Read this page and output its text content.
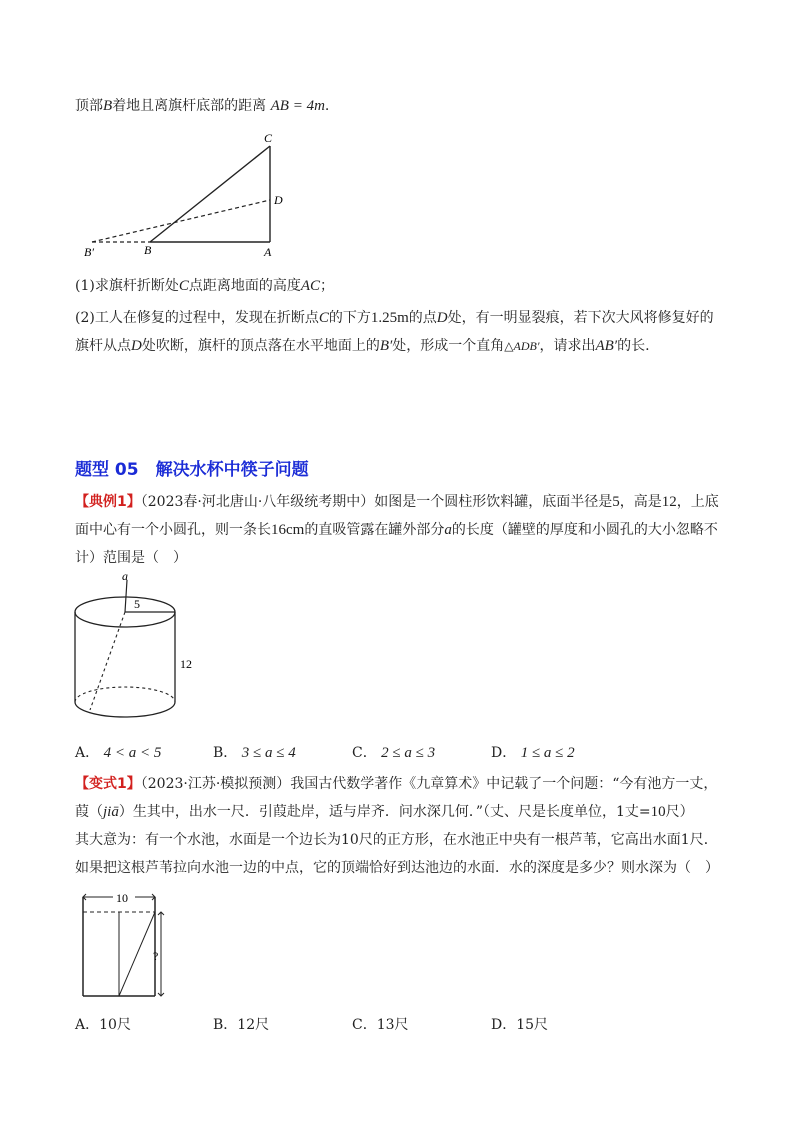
顶部B着地且离旗杆底部的距离 AB = 4m.
C
D
B′	B	A
(1)求旗杆折断处C点距离地面的高度AC；
(2)工人在修复的过程中，发现在折断点C的下方1.25m的点D处，有一明显裂痕，若下次大风将修复好的
旗杆从点D处吹断，旗杆的顶点落在水平地面上的B′处，形成一个直角△ADB′，请求出AB′的长.
题型 05　解决水杯中筷子问题
【典例1】（2023春·河北唐山·八年级统考期中）如图是一个圆柱形饮料罐，底面半径是5，高是12，上底
面中心有一个小圆孔，则一条长16cm的直吸管露在罐外部分a的长度（罐壁的厚度和小圆孔的大小忽略不
计）范围是（　）
a
5
12
A． 4 < a < 5	B． 3 ≤ a ≤ 4	C． 2 ≤ a ≤ 3	D． 1 ≤ a ≤ 2
【变式1】（2023·江苏·模拟预测）我国古代数学著作《九章算术》中记载了一个问题：“今有池方一丈，
葭（jiā）生其中，出水一尺．引葭赴岸，适与岸齐．问水深几何．”（丈、尺是长度单位，1丈=10尺）
其大意为：有一个水池，水面是一个边长为10尺的正方形，在水池正中央有一根芦苇，它高出水面1尺．
如果把这根芦苇拉向水池一边的中点，它的顶端恰好到达池边的水面．水的深度是多少？则水深为（　）
10
?
A．10尺	B．12尺	C．13尺	D．15尺
